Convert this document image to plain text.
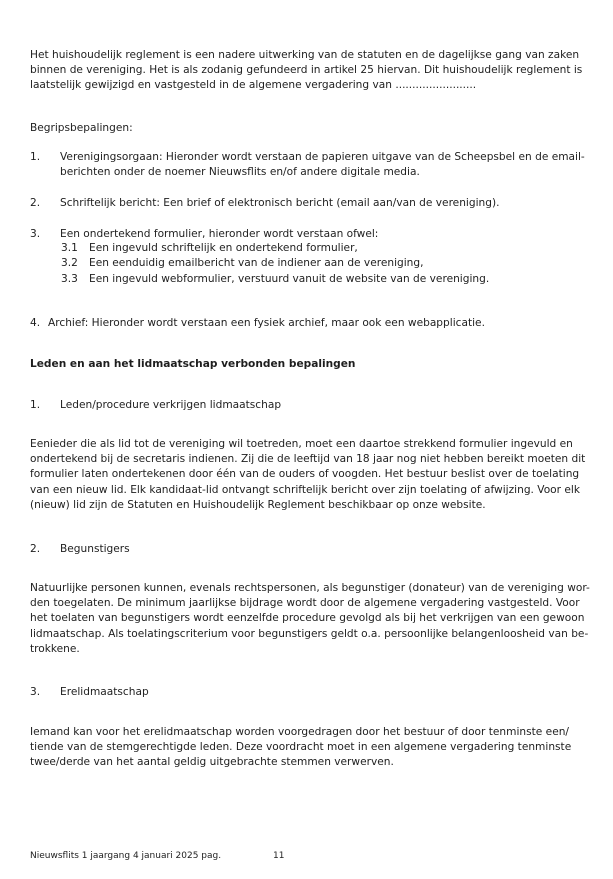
Het huishoudelijk reglement is een nadere uitwerking van de statuten en de dagelijkse gang van zaken
binnen de vereniging. Het is als zodanig gefundeerd in artikel 25 hiervan. Dit huishoudelijk reglement is
laatstelijk gewijzigd en vastgesteld in de algemene vergadering van ........................
Begripsbepalingen:
1. Verenigingsorgaan: Hieronder wordt verstaan de papieren uitgave van de Scheepsbel en de email-
berichten onder de noemer Nieuwsflits en/of andere digitale media.
2. Schriftelijk bericht: Een brief of elektronisch bericht (email aan/van de vereniging).
3. Een ondertekend formulier, hieronder wordt verstaan ofwel:
3.1 Een ingevuld schriftelijk en ondertekend formulier,
3.2 Een eenduidig emailbericht van de indiener aan de vereniging,
3.3 Een ingevuld webformulier, verstuurd vanuit de website van de vereniging.
4. Archief: Hieronder wordt verstaan een fysiek archief, maar ook een webapplicatie.
Leden en aan het lidmaatschap verbonden bepalingen
1. Leden/procedure verkrijgen lidmaatschap
Eenieder die als lid tot de vereniging wil toetreden, moet een daartoe strekkend formulier ingevuld en
ondertekend bij de secretaris indienen. Zij die de leeftijd van 18 jaar nog niet hebben bereikt moeten dit
formulier laten ondertekenen door één van de ouders of voogden. Het bestuur beslist over de toelating
van een nieuw lid. Elk kandidaat-lid ontvangt schriftelijk bericht over zijn toelating of afwijzing. Voor elk
(nieuw) lid zijn de Statuten en Huishoudelijk Reglement beschikbaar op onze website.
2. Begunstigers
Natuurlijke personen kunnen, evenals rechtspersonen, als begunstiger (donateur) van de vereniging wor-
den toegelaten. De minimum jaarlijkse bijdrage wordt door de algemene vergadering vastgesteld. Voor
het toelaten van begunstigers wordt eenzelfde procedure gevolgd als bij het verkrijgen van een gewoon
lidmaatschap. Als toelatingscriterium voor begunstigers geldt o.a. persoonlijke belangenloosheid van be-
trokkene.
3. Erelidmaatschap
Iemand kan voor het erelidmaatschap worden voorgedragen door het bestuur of door tenminste een/
tiende van de stemgerechtigde leden. Deze voordracht moet in een algemene vergadering tenminste
twee/derde van het aantal geldig uitgebrachte stemmen verwerven.
Nieuwsflits 1 jaargang 4 januari 2025 pag.	11
